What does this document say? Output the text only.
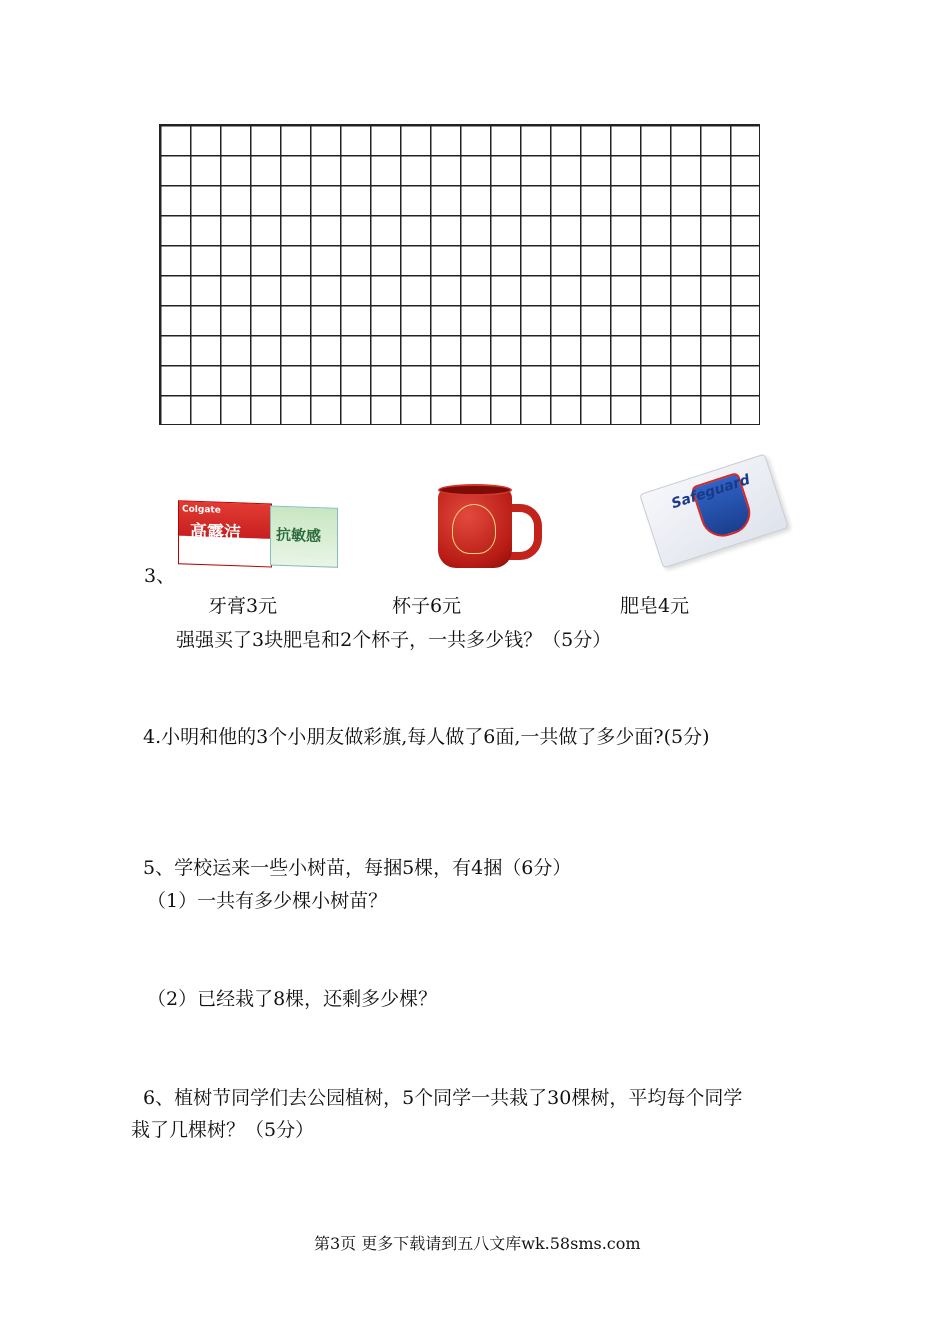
Colgate
高露洁 抗敏感
Safeguard
3、
牙膏3元	杯子6元	肥皂4元
强强买了3块肥皂和2个杯子，一共多少钱？（5分）
4.小明和他的3个小朋友做彩旗,每人做了6面,一共做了多少面?(5分)
5、学校运来一些小树苗，每捆5棵，有4捆（6分）
（1）一共有多少棵小树苗？
（2）已经栽了8棵，还剩多少棵？
6、植树节同学们去公园植树，5个同学一共栽了30棵树，平均每个同学
栽了几棵树？（5分）
第3页 更多下载请到五八文库wk.58sms.com
